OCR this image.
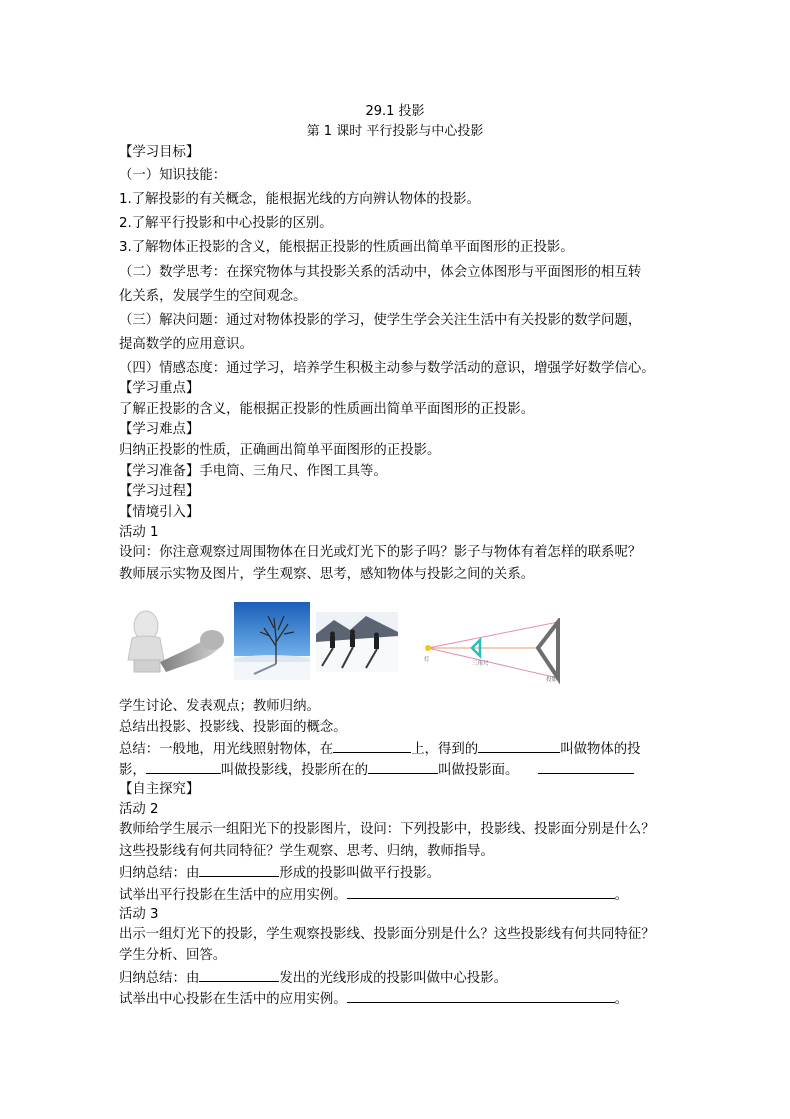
29.1 投影
第 1 课时 平行投影与中心投影
【学习目标】
（一）知识技能：
1.了解投影的有关概念，能根据光线的方向辨认物体的投影。
2.了解平行投影和中心投影的区别。
3.了解物体正投影的含义，能根据正投影的性质画出简单平面图形的正投影。
（二）数学思考：在探究物体与其投影关系的活动中，体会立体图形与平面图形的相互转
化关系，发展学生的空间观念。
（三）解决问题：通过对物体投影的学习，使学生学会关注生活中有关投影的数学问题，
提高数学的应用意识。
（四）情感态度：通过学习，培养学生积极主动参与数学活动的意识，增强学好数学信心。
【学习重点】
了解正投影的含义，能根据正投影的性质画出简单平面图形的正投影。
【学习难点】
归纳正投影的性质，正确画出简单平面图形的正投影。
【学习准备】手电筒、三角尺、作图工具等。
【学习过程】
【情境引入】
活动 1
设问：你注意观察过周围物体在日光或灯光下的影子吗？影子与物体有着怎样的联系呢？
教师展示实物及图片，学生观察、思考，感知物体与投影之间的关系。
灯
三角尺
投影
学生讨论、发表观点；教师归纳。
总结出投影、投影线、投影面的概念。
总结：一般地，用光线照射物体，在	上，得到的	叫做物体的投
影，	叫做投影线，投影所在的	叫做投影面。
【自主探究】
活动 2
教师给学生展示一组阳光下的投影图片，设问：下列投影中，投影线、投影面分别是什么？
这些投影线有何共同特征？学生观察、思考、归纳，教师指导。
归纳总结：由	形成的投影叫做平行投影。
试举出平行投影在生活中的应用实例。	。
活动 3
出示一组灯光下的投影，学生观察投影线、投影面分别是什么？这些投影线有何共同特征？
学生分析、回答。
归纳总结：由	发出的光线形成的投影叫做中心投影。
试举出中心投影在生活中的应用实例。	。
